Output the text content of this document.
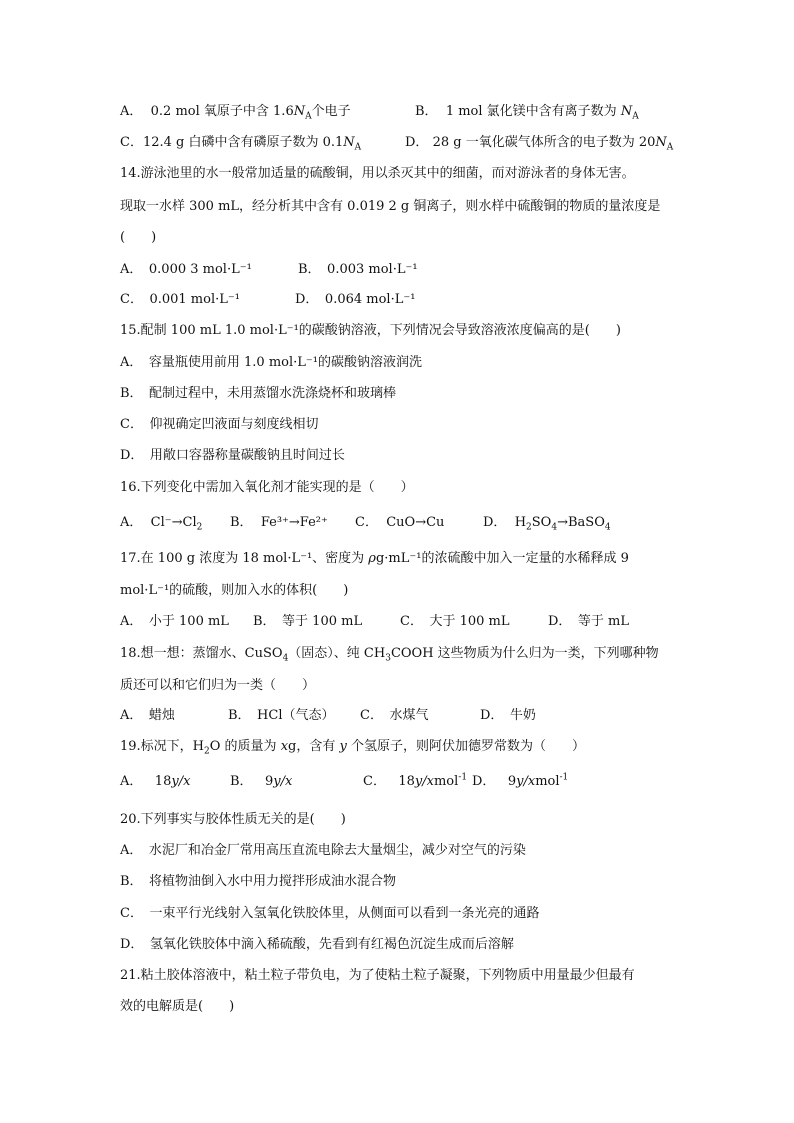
A． 0.2 mol 氧原子中含 $1.6N_A$个电子	B． 1 mol 氯化镁中含有离子数为 $N_A$
C．12.4 g 白磷中含有磷原子数为 $0.1N_A$	D． 28 g 一氧化碳气体所含的电子数为 $20N_A$
14.游泳池里的水一般常加适量的硫酸铜，用以杀灭其中的细菌，而对游泳者的身体无害。
现取一水样 300 mL，经分析其中含有 0.019 2 g 铜离子，则水样中硫酸铜的物质的量浓度是
(　　)
A．　0.000 3 mol·L⁻¹	B．　0.003 mol·L⁻¹
C．　0.001 mol·L⁻¹	D．　0.064 mol·L⁻¹
15.配制 100 mL 1.0 mol·L⁻¹的碳酸钠溶液，下列情况会导致溶液浓度偏高的是(　　)
A．　容量瓶使用前用 1.0 mol·L⁻¹的碳酸钠溶液润洗
B．　配制过程中，未用蒸馏水洗涤烧杯和玻璃棒
C．　仰视确定凹液面与刻度线相切
D．　用敞口容器称量碳酸钠且时间过长
16.下列变化中需加入氧化剂才能实现的是（　　）
A． $Cl^-\to Cl_2$ B． Fe³⁺→Fe²⁺ C． CuO→Cu	D． $H_2SO_4\to BaSO_4$
17.在 100 g 浓度为 18 mol·L⁻¹、密度为 ρg·mL⁻¹的浓硫酸中加入一定量的水稀释成 9
mol·L⁻¹的硫酸，则加入水的体积(　　)
A．　小于 100 mL B．　等于 100 mL	C．　大于 100 mL	D．　等于 mL
18.想一想：蒸馏水、CuSO$_4$（固态）、纯 $CH_3COOH$ 这些物质为什么归为一类，下列哪种物
质还可以和它们归为一类（　　）
A．　蜡烛	B．　HCl（气态） C．　水煤气	D．　牛奶
19.标况下，$H_2O$ 的质量为 xg，含有 y 个氢原子，则阿伏加德罗常数为（　　）
A． 18y/x	B． 9y/x	C． 18y/xmol$^{-1}$ D． 9y/xmol$^{-1}$
20.下列事实与胶体性质无关的是(　　)
A．　水泥厂和冶金厂常用高压直流电除去大量烟尘，减少对空气的污染
B．　将植物油倒入水中用力搅拌形成油水混合物
C．　一束平行光线射入氢氧化铁胶体里，从侧面可以看到一条光亮的通路
D．　氢氧化铁胶体中滴入稀硫酸，先看到有红褐色沉淀生成而后溶解
21.粘土胶体溶液中，粘土粒子带负电，为了使粘土粒子凝聚，下列物质中用量最少但最有
效的电解质是(　　)
